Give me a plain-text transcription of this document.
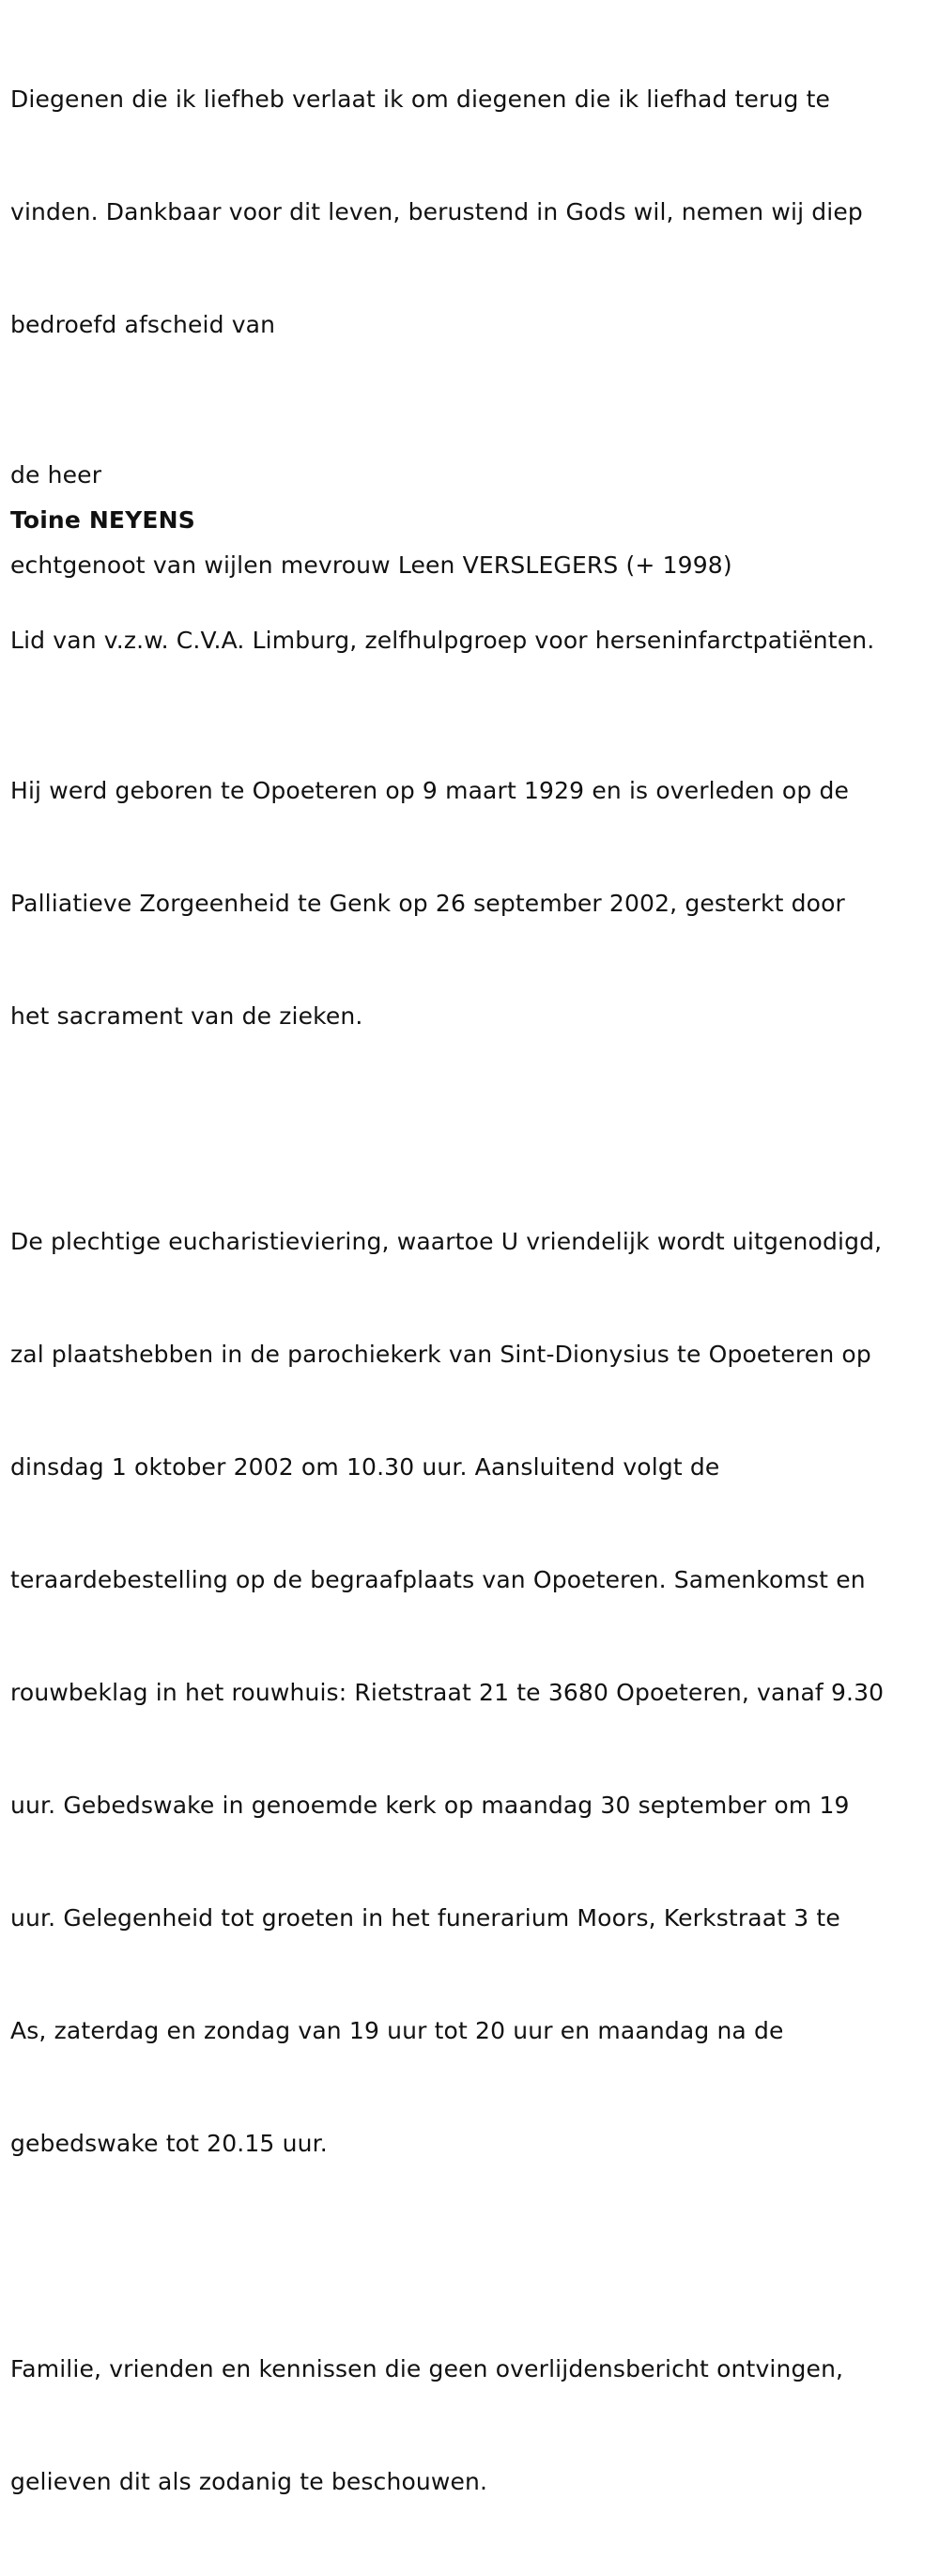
Diegenen die ik liefheb verlaat ik om diegenen die ik liefhad terug te

vinden. Dankbaar voor dit leven, berustend in Gods wil, nemen wij diep

bedroefd afscheid van

de heer

Toine NEYENS

echtgenoot van wijlen mevrouw Leen VERSLEGERS (+ 1998)

Lid van v.z.w. C.V.A. Limburg, zelfhulpgroep voor herseninfarctpatiënten.

Hij werd geboren te Opoeteren op 9 maart 1929 en is overleden op de

Palliatieve Zorgeenheid te Genk op 26 september 2002, gesterkt door

het sacrament van de zieken.

De plechtige eucharistieviering, waartoe U vriendelijk wordt uitgenodigd,

zal plaatshebben in de parochiekerk van Sint-Dionysius te Opoeteren op

dinsdag 1 oktober 2002 om 10.30 uur. Aansluitend volgt de

teraardebestelling op de begraafplaats van Opoeteren. Samenkomst en

rouwbeklag in het rouwhuis: Rietstraat 21 te 3680 Opoeteren, vanaf 9.30

uur. Gebedswake in genoemde kerk op maandag 30 september om 19

uur. Gelegenheid tot groeten in het funerarium Moors, Kerkstraat 3 te

As, zaterdag en zondag van 19 uur tot 20 uur en maandag na de

gebedswake tot 20.15 uur.

Familie, vrienden en kennissen die geen overlijdensbericht ontvingen,

gelieven dit als zodanig te beschouwen.
